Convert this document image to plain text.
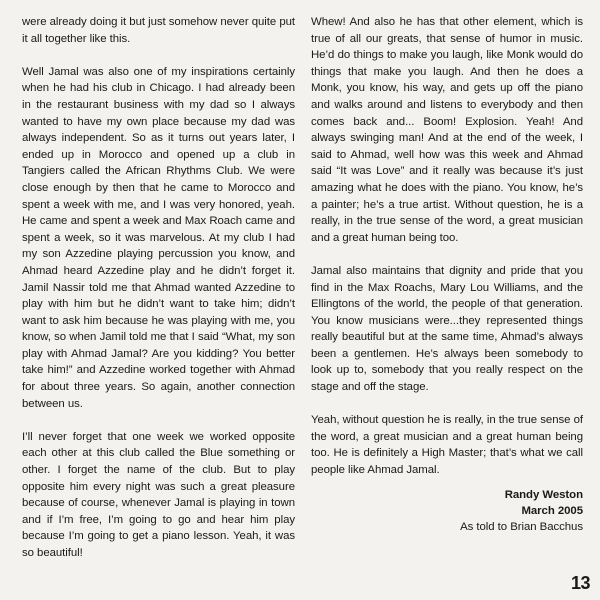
were already doing it but just somehow never quite put it all together like this.

Well Jamal was also one of my inspirations certainly when he had his club in Chicago. I had already been in the restaurant business with my dad so I always wanted to have my own place because my dad was always independent. So as it turns out years later, I ended up in Morocco and opened up a club in Tangiers called the African Rhythms Club. We were close enough by then that he came to Morocco and spent a week with me, and I was very honored, yeah. He came and spent a week and Max Roach came and spent a week, so it was marvelous. At my club I had my son Azzedine playing percussion you know, and Ahmad heard Azzedine play and he didn’t forget it. Jamil Nassir told me that Ahmad wanted Azzedine to play with him but he didn’t want to take him; didn’t want to ask him because he was playing with me, you know, so when Jamil told me that I said “What, my son play with Ahmad Jamal? Are you kidding? You better take him!” and Azzedine worked together with Ahmad for about three years. So again, another connection between us.

I’ll never forget that one week we worked opposite each other at this club called the Blue something or other. I forget the name of the club. But to play opposite him every night was such a great pleasure because of course, whenever Jamal is playing in town and if I’m free, I’m going to go and hear him play because I’m going to get a piano lesson. Yeah, it was so beautiful!

Whew! And also he has that other element, which is true of all our greats, that sense of humor in music. He’d do things to make you laugh, like Monk would do things that make you laugh. And then he does a Monk, you know, his way, and gets up off the piano and walks around and listens to everybody and then comes back and... Boom! Explosion. Yeah! And always swinging man! And at the end of the week, I said to Ahmad, well how was this week and Ahmad said “It was Love” and it really was because it’s just amazing what he does with the piano. You know, he’s a painter; he’s a true artist. Without question, he is a really, in the true sense of the word, a great musician and a great human being too.

Jamal also maintains that dignity and pride that you find in the Max Roachs, Mary Lou Williams, and the Ellingtons of the world, the people of that generation. You know musicians were...they represented things really beautiful but at the same time, Ahmad’s always been a gentlemen. He’s always been somebody to look up to, somebody that you really respect on the stage and off the stage.

Yeah, without question he is really, in the true sense of the word, a great musician and a great human being too. He is definitely a High Master; that’s what we call people like Ahmad Jamal.

Randy Weston
March 2005
As told to Brian Bacchus
13
